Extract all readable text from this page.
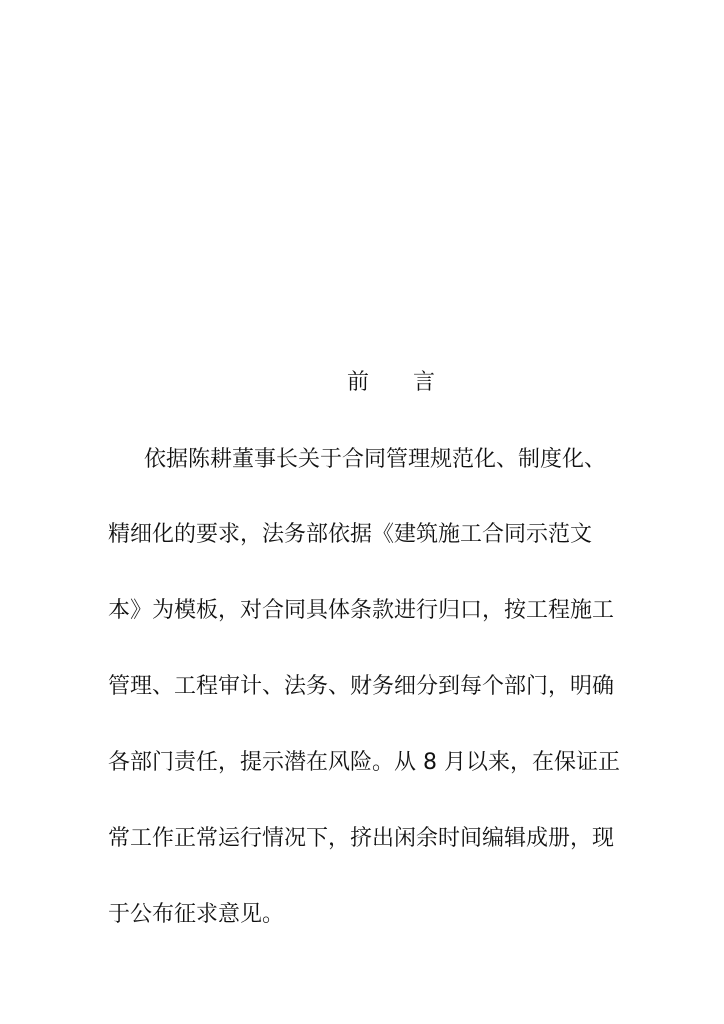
前　　言
依据陈耕董事长关于合同管理规范化、制度化、
精细化的要求，法务部依据《建筑施工合同示范文
本》为模板，对合同具体条款进行归口，按工程施工
管理、工程审计、法务、财务细分到每个部门，明确
各部门责任，提示潜在风险。从 8 月以来，在保证正
常工作正常运行情况下，挤出闲余时间编辑成册，现
于公布征求意见。
